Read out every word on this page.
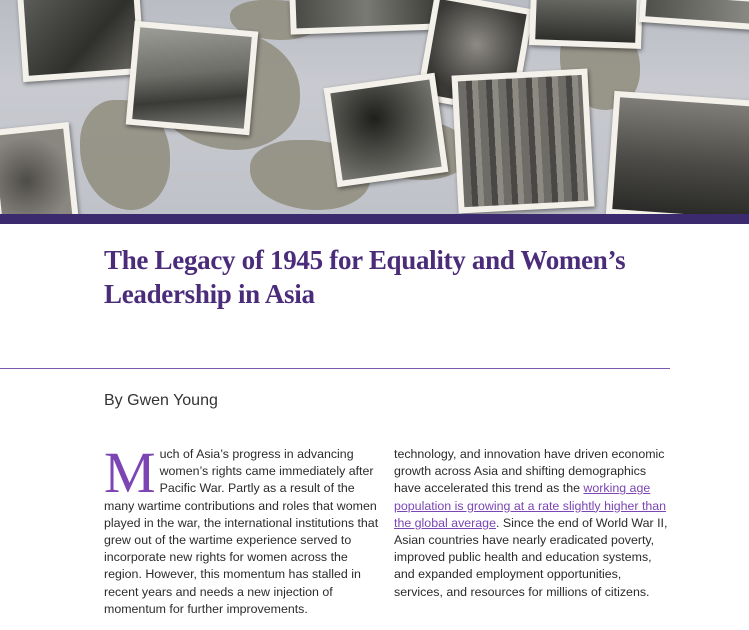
The Legacy of 1945 for Equality and Women’s Leadership in Asia

By Gwen Young

Much of Asia’s progress in advancing women’s rights came immediately after Pacific War. Partly as a result of the many wartime contributions and roles that women played in the war, the international institutions that grew out of the wartime experience served to incorporate new rights for women across the region. However, this momentum has stalled in recent years and needs a new injection of momentum for further improvements.

technology, and innovation have driven economic growth across Asia and shifting demographics have accelerated this trend as the working age population is growing at a rate slightly higher than the global average. Since the end of World War II, Asian countries have nearly eradicated poverty, improved public health and education systems, and expanded employment opportunities, services, and resources for millions of citizens.
